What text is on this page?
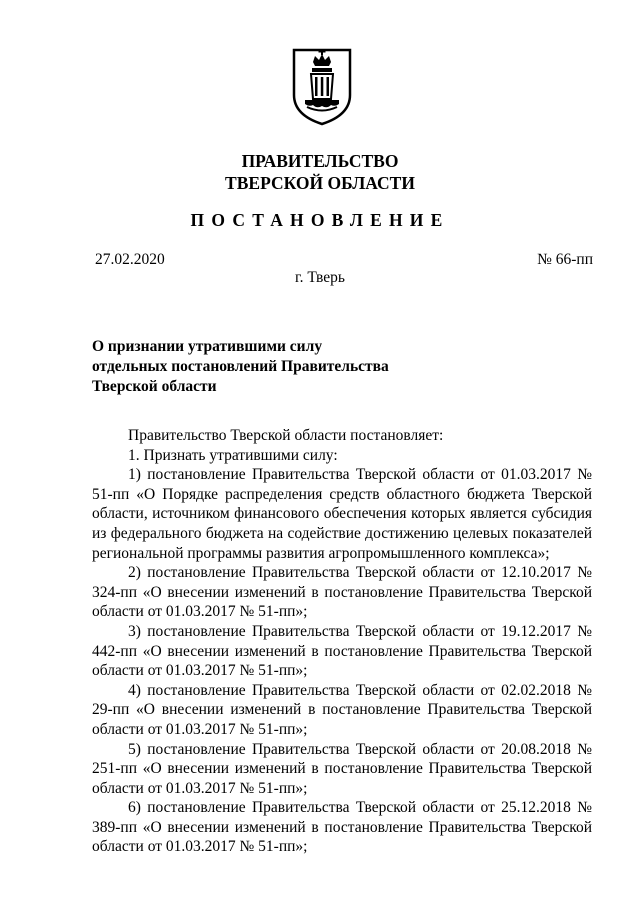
ПРАВИТЕЛЬСТВО
ТВЕРСКОЙ ОБЛАСТИ
ПОСТАНОВЛЕНИЕ
27.02.2020	№ 66-пп
г. Тверь
О признании утратившими силу
отдельных постановлений Правительства
Тверской области

Правительство Тверской области постановляет:

1. Признать утратившими силу:

1) постановление Правительства Тверской области от 01.03.2017 № 51-пп «О Порядке распределения средств областного бюджета Тверской области, источником финансового обеспечения которых является субсидия из федерального бюджета на содействие достижению целевых показателей региональной программы развития агропромышленного комплекса»;

2) постановление Правительства Тверской области от 12.10.2017 № 324-пп «О внесении изменений в постановление Правительства Тверской области от 01.03.2017 № 51-пп»;

3) постановление Правительства Тверской области от 19.12.2017 № 442-пп «О внесении изменений в постановление Правительства Тверской области от 01.03.2017 № 51-пп»;

4) постановление Правительства Тверской области от 02.02.2018 № 29-пп «О внесении изменений в постановление Правительства Тверской области от 01.03.2017 № 51-пп»;

5) постановление Правительства Тверской области от 20.08.2018 № 251-пп «О внесении изменений в постановление Правительства Тверской области от 01.03.2017 № 51-пп»;

6) постановление Правительства Тверской области от 25.12.2018 № 389-пп «О внесении изменений в постановление Правительства Тверской области от 01.03.2017 № 51-пп»;
